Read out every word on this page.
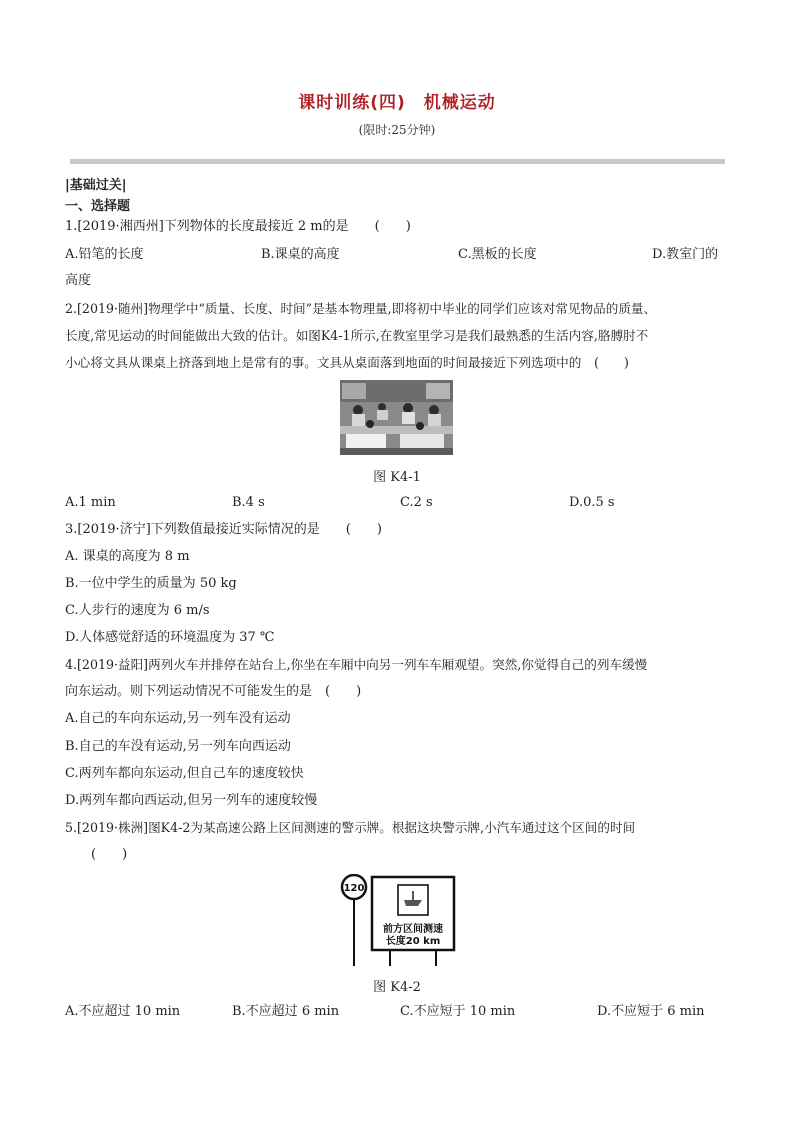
课时训练(四)　机械运动
(限时:25分钟)
|基础过关|
一、选择题
1.[2019·湘西州]下列物体的长度最接近 2 m的是　　(　　)
A.铅笔的长度	B.课桌的高度	C.黑板的长度	D.教室门的
高度
2.[2019·随州]物理学中“质量、长度、时间”是基本物理量,即将初中毕业的同学们应该对常见物品的质量、
长度,常见运动的时间能做出大致的估计。如图K4-1所示,在教室里学习是我们最熟悉的生活内容,胳膊肘不
小心将文具从课桌上挤落到地上是常有的事。文具从桌面落到地面的时间最接近下列选项中的　(　　)
图 K4-1
A.1 min	B.4 s	C.2 s	D.0.5 s
3.[2019·济宁]下列数值最接近实际情况的是　　(　　)
A. 课桌的高度为 8 m
B.一位中学生的质量为 50 kg
C.人步行的速度为 6 m/s
D.人体感觉舒适的环境温度为 37 ℃
4.[2019·益阳]两列火车并排停在站台上,你坐在车厢中向另一列车车厢观望。突然,你觉得自己的列车缓慢
向东运动。则下列运动情况不可能发生的是　(　　)
A.自己的车向东运动,另一列车没有运动
B.自己的车没有运动,另一列车向西运动
C.两列车都向东运动,但自己车的速度较快
D.两列车都向西运动,但另一列车的速度较慢
5.[2019·株洲]图K4-2为某高速公路上区间测速的警示牌。根据这块警示牌,小汽车通过这个区间的时间
　　(　　)
120
前方区间测速
长度20 km
图 K4-2
A.不应超过 10 min	B.不应超过 6 min	C.不应短于 10 min	D.不应短于 6 min
